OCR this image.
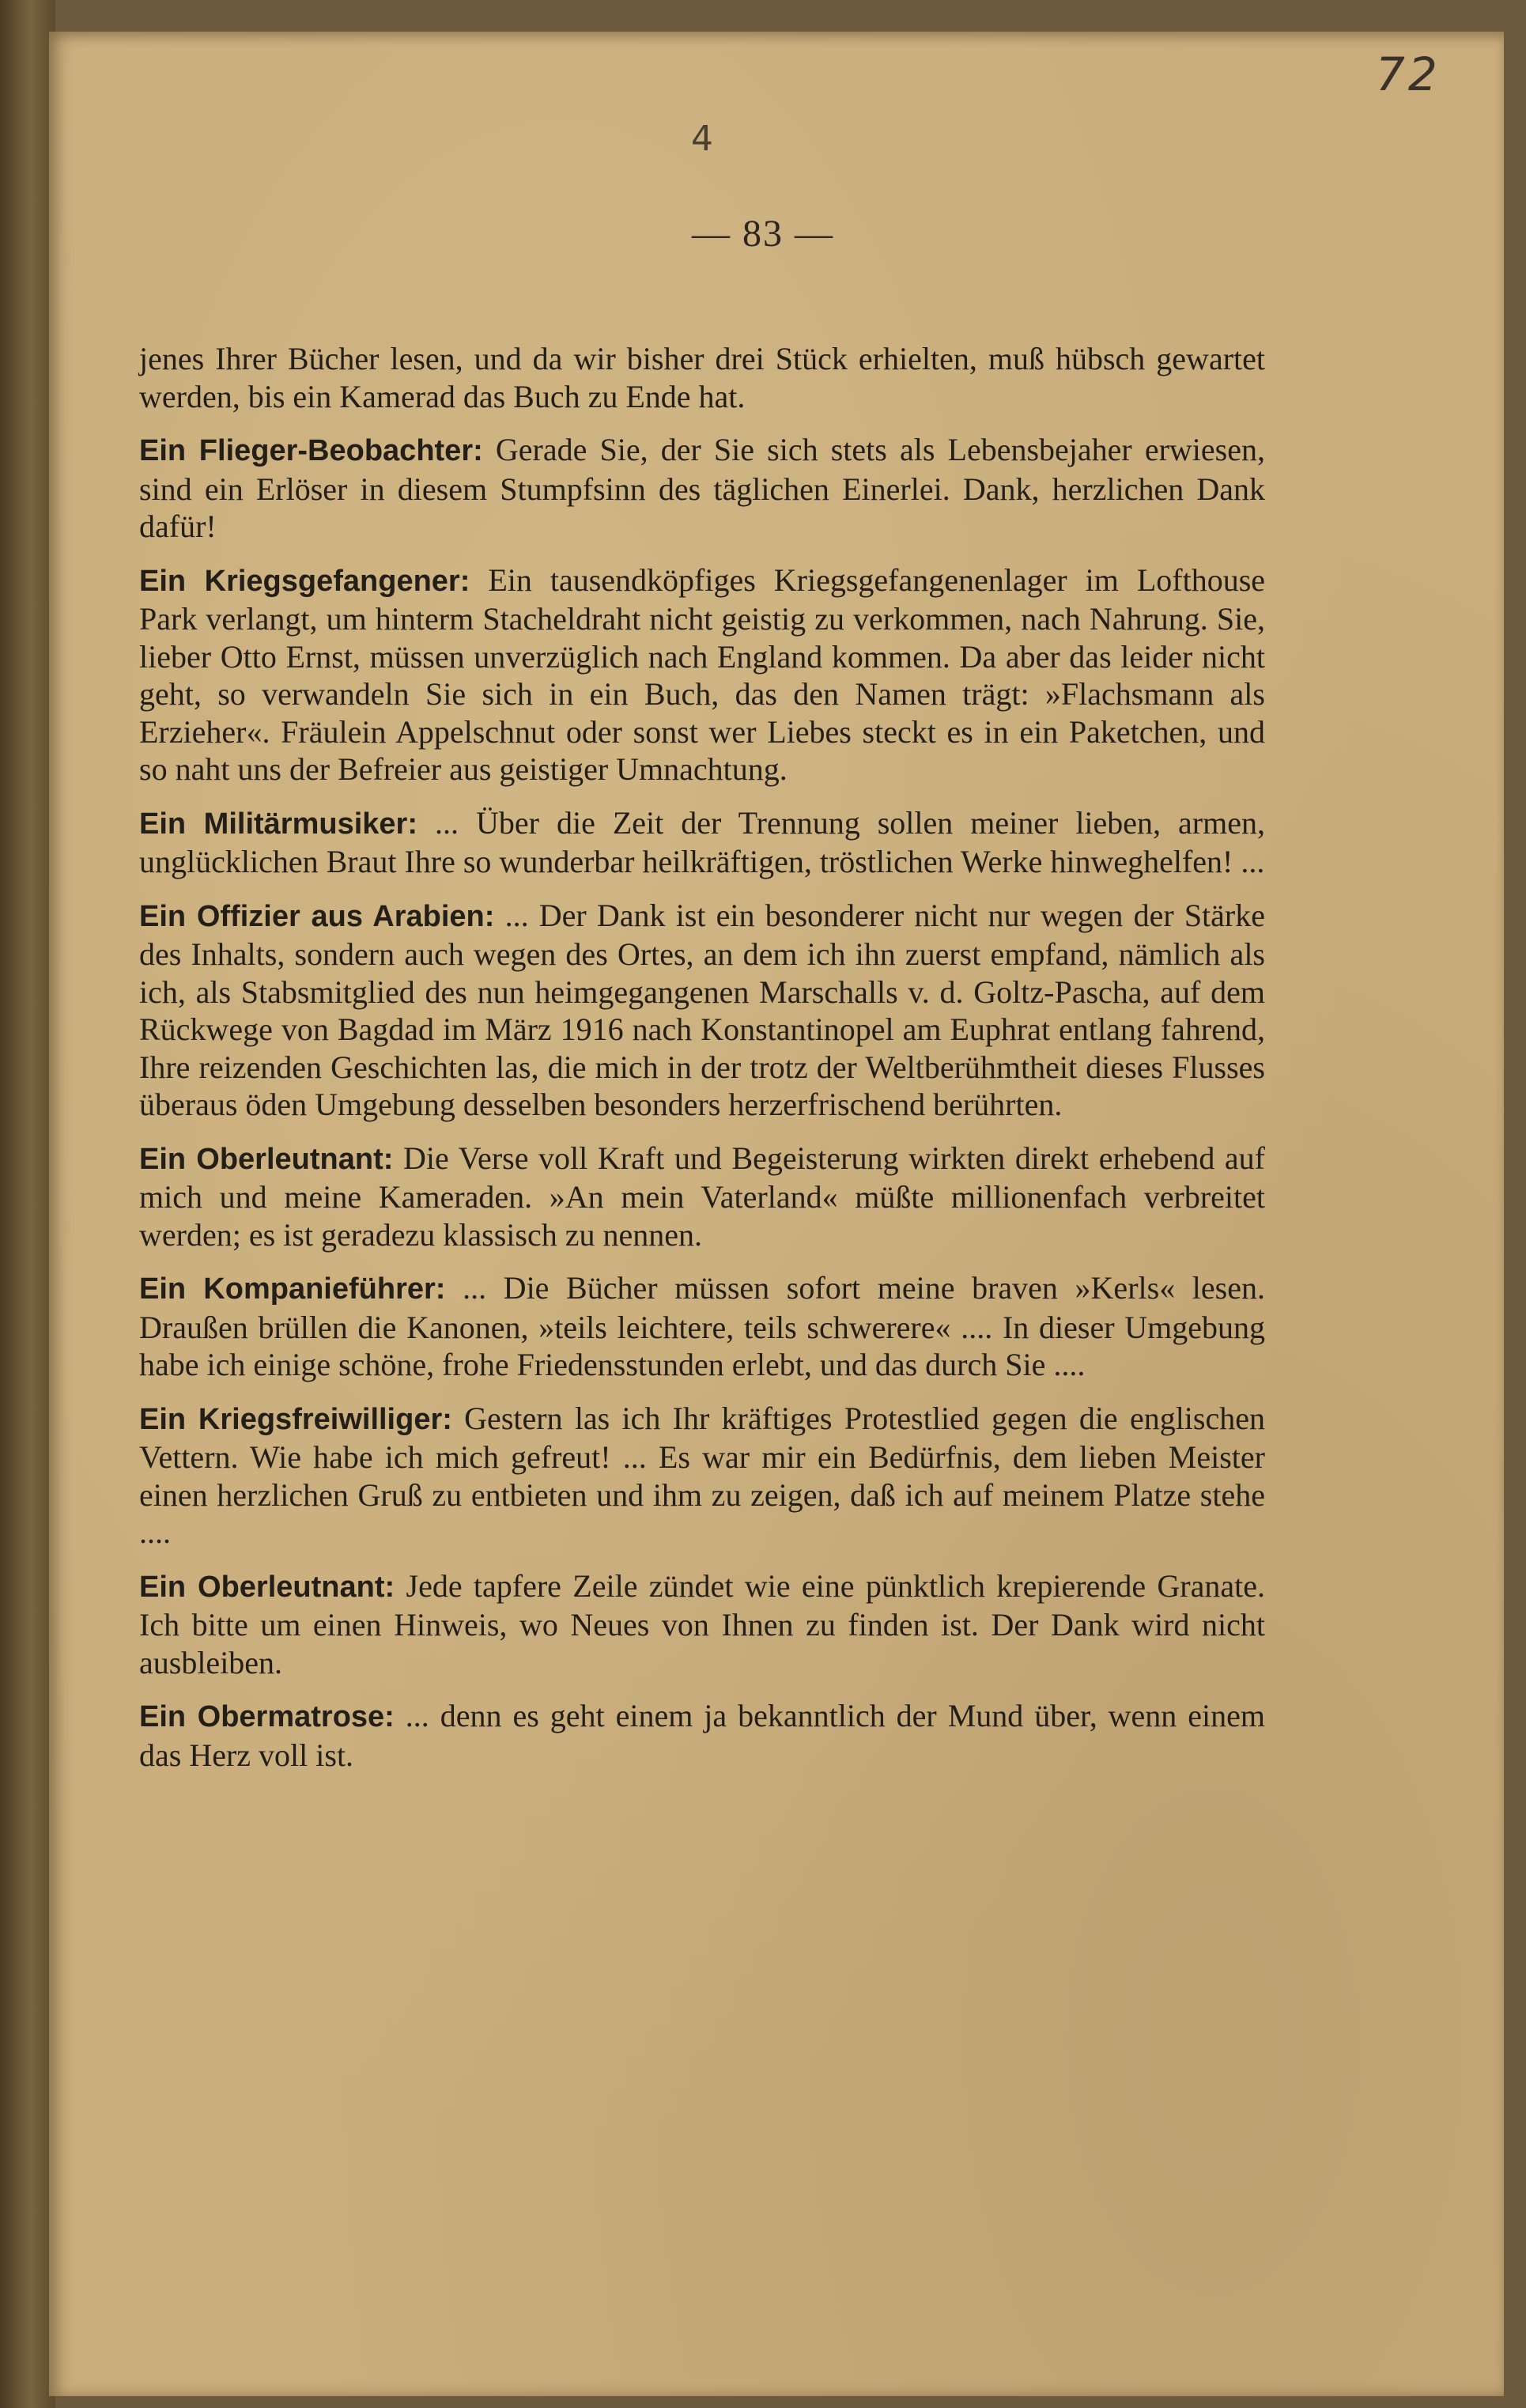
72
4
— 83 —

jenes Ihrer Bücher lesen, und da wir bisher drei Stück erhielten, muß hübsch gewartet werden, bis ein Kamerad das Buch zu Ende hat.

Ein Flieger-Beobachter: Gerade Sie, der Sie sich stets als Lebensbejaher erwiesen, sind ein Erlöser in diesem Stumpfsinn des täglichen Einerlei. Dank, herzlichen Dank dafür!

Ein Kriegsgefangener: Ein tausendköpfiges Kriegsgefangenenlager im Lofthouse Park verlangt, um hinterm Stacheldraht nicht geistig zu verkommen, nach Nahrung. Sie, lieber Otto Ernst, müssen unverzüglich nach England kommen. Da aber das leider nicht geht, so verwandeln Sie sich in ein Buch, das den Namen trägt: »Flachsmann als Erzieher«. Fräulein Appelschnut oder sonst wer Liebes steckt es in ein Paketchen, und so naht uns der Befreier aus geistiger Umnachtung.

Ein Militärmusiker: ... Über die Zeit der Trennung sollen meiner lieben, armen, unglücklichen Braut Ihre so wunderbar heilkräftigen, tröstlichen Werke hinweghelfen! ...

Ein Offizier aus Arabien: ... Der Dank ist ein besonderer nicht nur wegen der Stärke des Inhalts, sondern auch wegen des Ortes, an dem ich ihn zuerst empfand, nämlich als ich, als Stabsmitglied des nun heimgegangenen Marschalls v. d. Goltz-Pascha, auf dem Rückwege von Bagdad im März 1916 nach Konstantinopel am Euphrat entlang fahrend, Ihre reizenden Geschichten las, die mich in der trotz der Weltberühmtheit dieses Flusses überaus öden Umgebung desselben besonders herzerfrischend berührten.

Ein Oberleutnant: Die Verse voll Kraft und Begeisterung wirkten direkt erhebend auf mich und meine Kameraden. »An mein Vaterland« müßte millionenfach verbreitet werden; es ist geradezu klassisch zu nennen.

Ein Kompanieführer: ... Die Bücher müssen sofort meine braven »Kerls« lesen. Draußen brüllen die Kanonen, »teils leichtere, teils schwerere« .... In dieser Umgebung habe ich einige schöne, frohe Friedensstunden erlebt, und das durch Sie ....

Ein Kriegsfreiwilliger: Gestern las ich Ihr kräftiges Protestlied gegen die englischen Vettern. Wie habe ich mich gefreut! ... Es war mir ein Bedürfnis, dem lieben Meister einen herzlichen Gruß zu entbieten und ihm zu zeigen, daß ich auf meinem Platze stehe ....

Ein Oberleutnant: Jede tapfere Zeile zündet wie eine pünktlich krepierende Granate. Ich bitte um einen Hinweis, wo Neues von Ihnen zu finden ist. Der Dank wird nicht ausbleiben.

Ein Obermatrose: ... denn es geht einem ja bekanntlich der Mund über, wenn einem das Herz voll ist.
